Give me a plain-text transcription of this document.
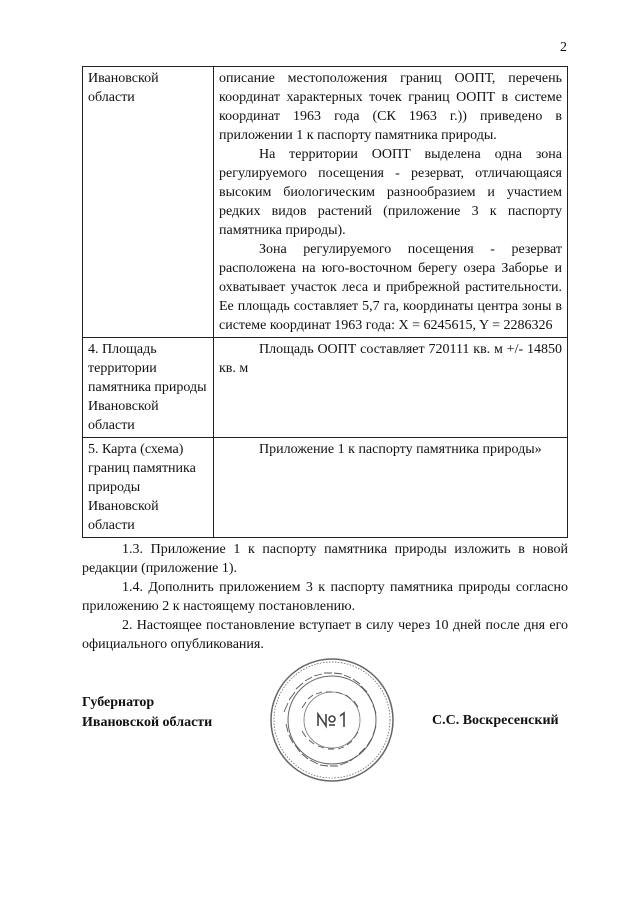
2
Ивановской области	описание местоположения границ ООПТ, перечень координат характерных точек границ ООПТ в системе координат 1963 года (СК 1963 г.)) приведено в приложении 1 к паспорту памятника природы.

На территории ООПТ выделена одна зона регулируемого посещения - резерват, отличающаяся высоким биологическим разнообразием и участием редких видов растений (приложение 3 к паспорту памятника природы).

Зона регулируемого посещения - резерват расположена на юго-восточном берегу озера Заборье и охватывает участок леса и прибрежной растительности. Ее площадь составляет 5,7 га, координаты центра зоны в системе координат 1963 года: X = 6245615, Y = 2286326

4. Площадь территории памятника природы Ивановской области	Площадь ООПТ составляет 720111 кв. м +/- 14850 кв. м

5. Карта (схема) границ памятника природы Ивановской области	Приложение 1 к паспорту памятника природы»

1.3. Приложение 1 к паспорту памятника природы изложить в новой редакции (приложение 1).

1.4. Дополнить приложением 3 к паспорту памятника природы согласно приложению 2 к настоящему постановлению.

2. Настоящее постановление вступает в силу через 10 дней после дня его официального опубликования.

Губернатор
Ивановской области	С.С. Воскресенский
